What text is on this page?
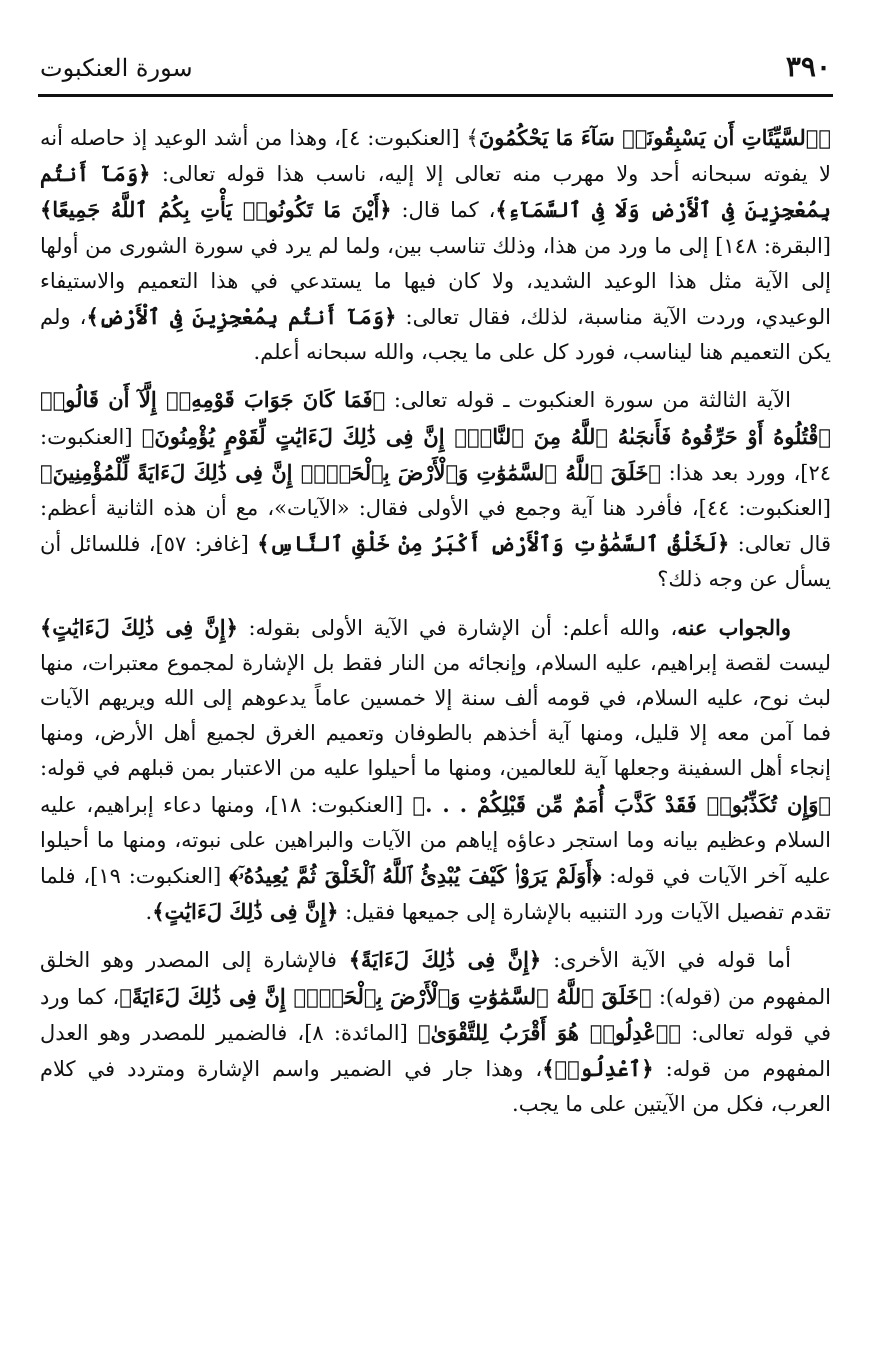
٣٩٠
سورة العنكبوت

﴿ٱلسَّيِّئَاتِ أَن يَسْبِقُونَاۚ سَآءَ مَا يَحْكُمُونَ﴾ [العنكبوت: ٤]، وهذا من أشد الوعيد إذ حاصله أنه لا يفوته سبحانه أحد ولا مهرب منه تعالى إلا إليه، ناسب هذا قوله تعالى: ﴿وَمَآ أَنتُم بِمُعْجِزِينَ فِى ٱلْأَرْضِ وَلَا فِى ٱلسَّمَآءِ﴾، كما قال: ﴿أَيْنَ مَا تَكُونُوا۟ يَأْتِ بِكُمُ ٱللَّهُ جَمِيعًا﴾ [البقرة: ١٤٨] إلى ما ورد من هذا، وذلك تناسب بين، ولما لم يرد في سورة الشورى من أولها إلى الآية مثل هذا الوعيد الشديد، ولا كان فيها ما يستدعي في هذا التعميم والاستيفاء الوعيدي، وردت الآية مناسبة، لذلك، فقال تعالى: ﴿وَمَآ أَنتُم بِمُعْجِزِينَ فِى ٱلْأَرْضِ﴾، ولم يكن التعميم هنا ليناسب، فورد كل على ما يجب، والله سبحانه أعلم.

الآية الثالثة من سورة العنكبوت ـ قوله تعالى: ﴿فَمَا كَانَ جَوَابَ قَوْمِهِۦٓ إِلَّآ أَن قَالُوا۟ ٱقْتُلُوهُ أَوْ حَرِّقُوهُ فَأَنجَىٰهُ ٱللَّهُ مِنَ ٱلنَّارِۚ إِنَّ فِى ذَٰلِكَ لَءَايَٰتٍ لِّقَوْمٍ يُؤْمِنُونَ﴾ [العنكبوت: ٢٤]، وورد بعد هذا: ﴿خَلَقَ ٱللَّهُ ٱلسَّمَٰوَٰتِ وَٱلْأَرْضَ بِٱلْحَقِّۚ إِنَّ فِى ذَٰلِكَ لَءَايَةً لِّلْمُؤْمِنِينَ﴾ [العنكبوت: ٤٤]، فأفرد هنا آية وجمع في الأولى فقال: «الآيات»، مع أن هذه الثانية أعظم: قال تعالى: ﴿لَخَلْقُ ٱلسَّمَٰوَٰتِ وَٱلْأَرْضِ أَكْبَرُ مِنْ خَلْقِ ٱلنَّاسِ﴾ [غافر: ٥٧]، فللسائل أن يسأل عن وجه ذلك؟

والجواب عنه، والله أعلم: أن الإشارة في الآية الأولى بقوله: ﴿إِنَّ فِى ذَٰلِكَ لَءَايَٰتٍ﴾ ليست لقصة إبراهيم، عليه السلام، وإنجائه من النار فقط بل الإشارة لمجموع معتبرات، منها لبث نوح، عليه السلام، في قومه ألف سنة إلا خمسين عاماً يدعوهم إلى الله ويريهم الآيات فما آمن معه إلا قليل، ومنها آية أخذهم بالطوفان وتعميم الغرق لجميع أهل الأرض، ومنها إنجاء أهل السفينة وجعلها آية للعالمين، ومنها ما أحيلوا عليه من الاعتبار بمن قبلهم في قوله: ﴿وَإِن تُكَذِّبُوا۟ فَقَدْ كَذَّبَ أُمَمٌ مِّن قَبْلِكُمْ . . .﴾ [العنكبوت: ١٨]، ومنها دعاء إبراهيم، عليه السلام وعظيم بيانه وما استجر دعاؤه إياهم من الآيات والبراهين على نبوته، ومنها ما أحيلوا عليه آخر الآيات في قوله: ﴿أَوَلَمْ يَرَوْا۟ كَيْفَ يُبْدِئُ ٱللَّهُ ٱلْخَلْقَ ثُمَّ يُعِيدُهُۥٓ﴾ [العنكبوت: ١٩]، فلما تقدم تفصيل الآيات ورد التنبيه بالإشارة إلى جميعها فقيل: ﴿إِنَّ فِى ذَٰلِكَ لَءَايَٰتٍ﴾.

أما قوله في الآية الأخرى: ﴿إِنَّ فِى ذَٰلِكَ لَءَايَةً﴾ فالإشارة إلى المصدر وهو الخلق المفهوم من (قوله): ﴿خَلَقَ ٱللَّهُ ٱلسَّمَٰوَٰتِ وَٱلْأَرْضَ بِٱلْحَقِّۚ إِنَّ فِى ذَٰلِكَ لَءَايَةً﴾، كما ورد في قوله تعالى: ﴿ٱعْدِلُوا۟ هُوَ أَقْرَبُ لِلتَّقْوَىٰ﴾ [المائدة: ٨]، فالضمير للمصدر وهو العدل المفهوم من قوله: ﴿ٱعْدِلُوا۟﴾، وهذا جار في الضمير واسم الإشارة ومتردد في كلام العرب، فكل من الآيتين على ما يجب.
